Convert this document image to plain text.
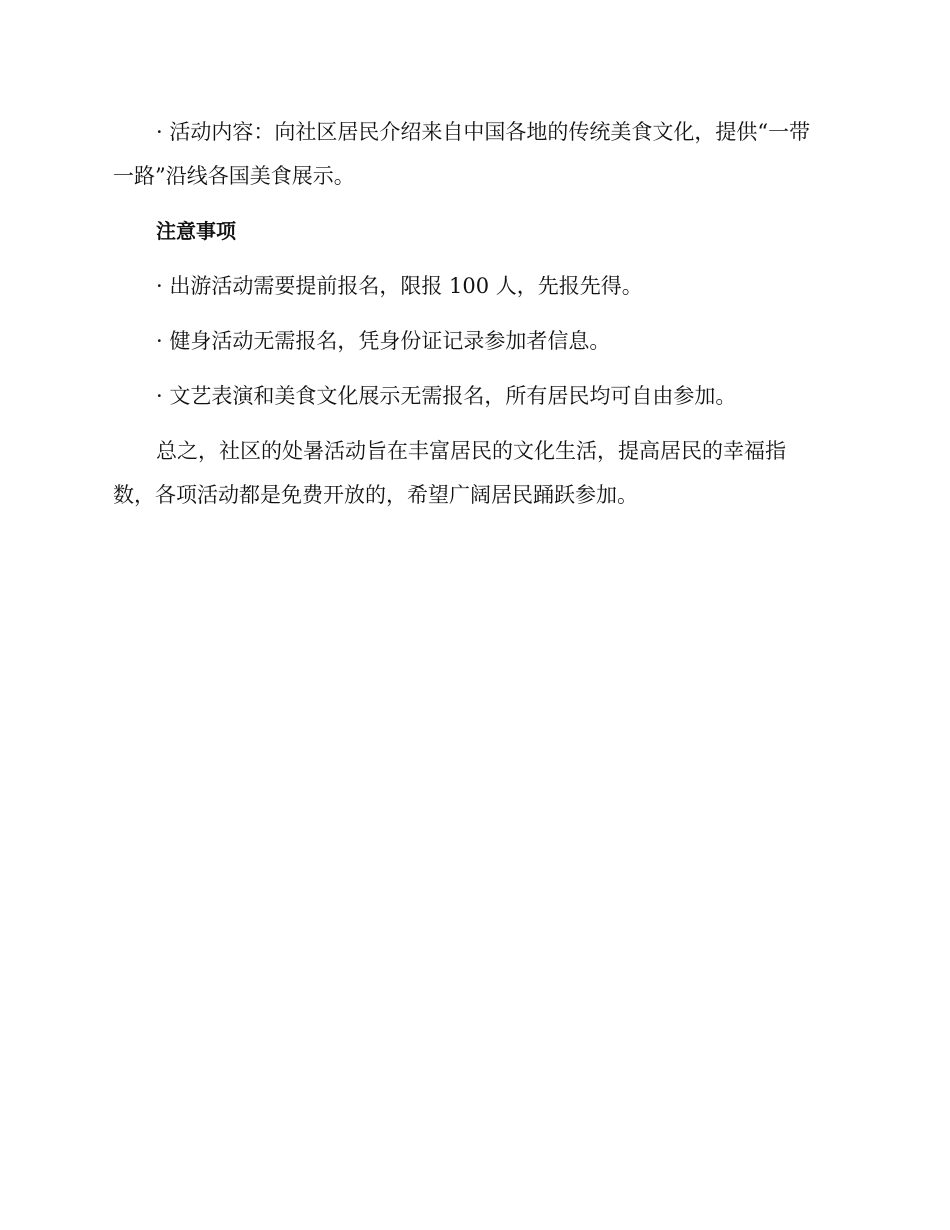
· 活动内容：向社区居民介绍来自中国各地的传统美食文化，提供“一带一路”沿线各国美食展示。

注意事项

· 出游活动需要提前报名，限报 100 人，先报先得。

· 健身活动无需报名，凭身份证记录参加者信息。

· 文艺表演和美食文化展示无需报名，所有居民均可自由参加。

总之，社区的处暑活动旨在丰富居民的文化生活，提高居民的幸福指数，各项活动都是免费开放的，希望广阔居民踊跃参加。
